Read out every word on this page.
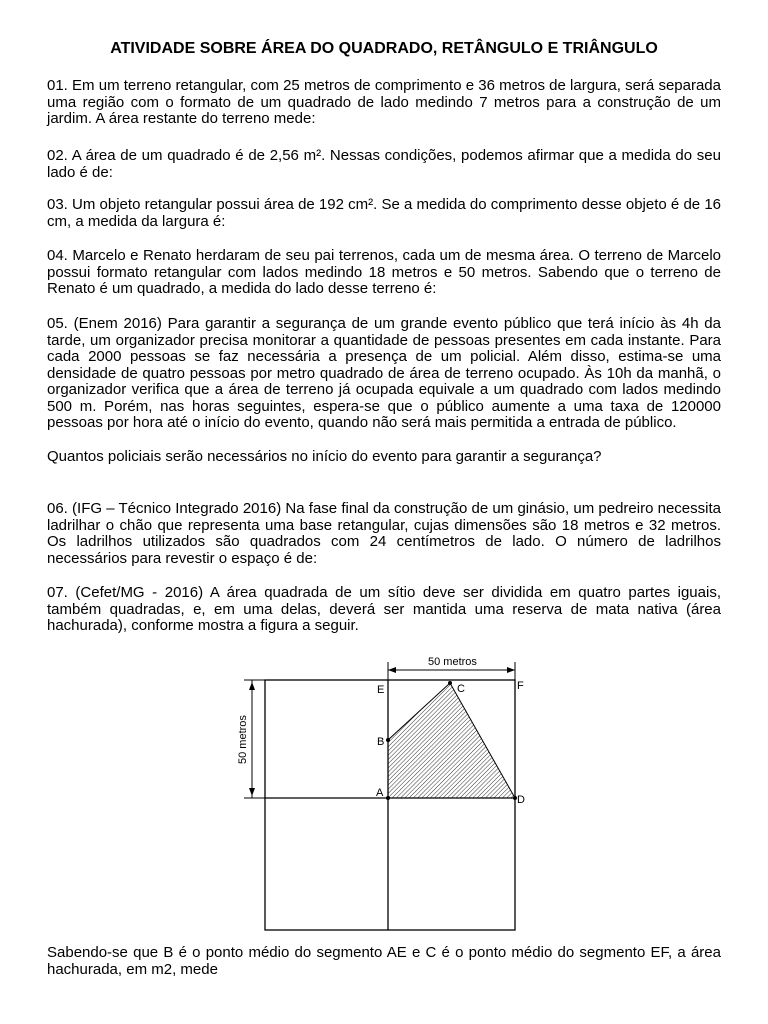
ATIVIDADE SOBRE ÁREA DO QUADRADO, RETÂNGULO E TRIÂNGULO

01. Em um terreno retangular, com 25 metros de comprimento e 36 metros de largura, será separada uma região com o formato de um quadrado de lado medindo 7 metros para a construção de um jardim. A área restante do terreno mede:

02. A área de um quadrado é de 2,56 m². Nessas condições, podemos afirmar que a medida do seu lado é de:

03. Um objeto retangular possui área de 192 cm². Se a medida do comprimento desse objeto é de 16 cm, a medida da largura é:

04. Marcelo e Renato herdaram de seu pai terrenos, cada um de mesma área. O terreno de Marcelo possui formato retangular com lados medindo 18 metros e 50 metros. Sabendo que o terreno de Renato é um quadrado, a medida do lado desse terreno é:

05. (Enem 2016) Para garantir a segurança de um grande evento público que terá início às 4h da tarde, um organizador precisa monitorar a quantidade de pessoas presentes em cada instante. Para cada 2000 pessoas se faz necessária a presença de um policial. Além disso, estima-se uma densidade de quatro pessoas por metro quadrado de área de terreno ocupado. Às 10h da manhã, o organizador verifica que a área de terreno já ocupada equivale a um quadrado com lados medindo 500 m. Porém, nas horas seguintes, espera-se que o público aumente a uma taxa de 120000 pessoas por hora até o início do evento, quando não será mais permitida a entrada de público.

Quantos policiais serão necessários no início do evento para garantir a segurança?

06. (IFG – Técnico Integrado 2016) Na fase final da construção de um ginásio, um pedreiro necessita ladrilhar o chão que representa uma base retangular, cujas dimensões são 18 metros e 32 metros. Os ladrilhos utilizados são quadrados com 24 centímetros de lado. O número de ladrilhos necessários para revestir o espaço é de:

07. (Cefet/MG - 2016) A área quadrada de um sítio deve ser dividida em quatro partes iguais, também quadradas, e, em uma delas, deverá ser mantida uma reserva de mata nativa (área hachurada), conforme mostra a figura a seguir.

50 metros
50 metros
E	C	F
B
A
D

Sabendo-se que B é o ponto médio do segmento AE e C é o ponto médio do segmento EF, a área hachurada, em m2, mede
